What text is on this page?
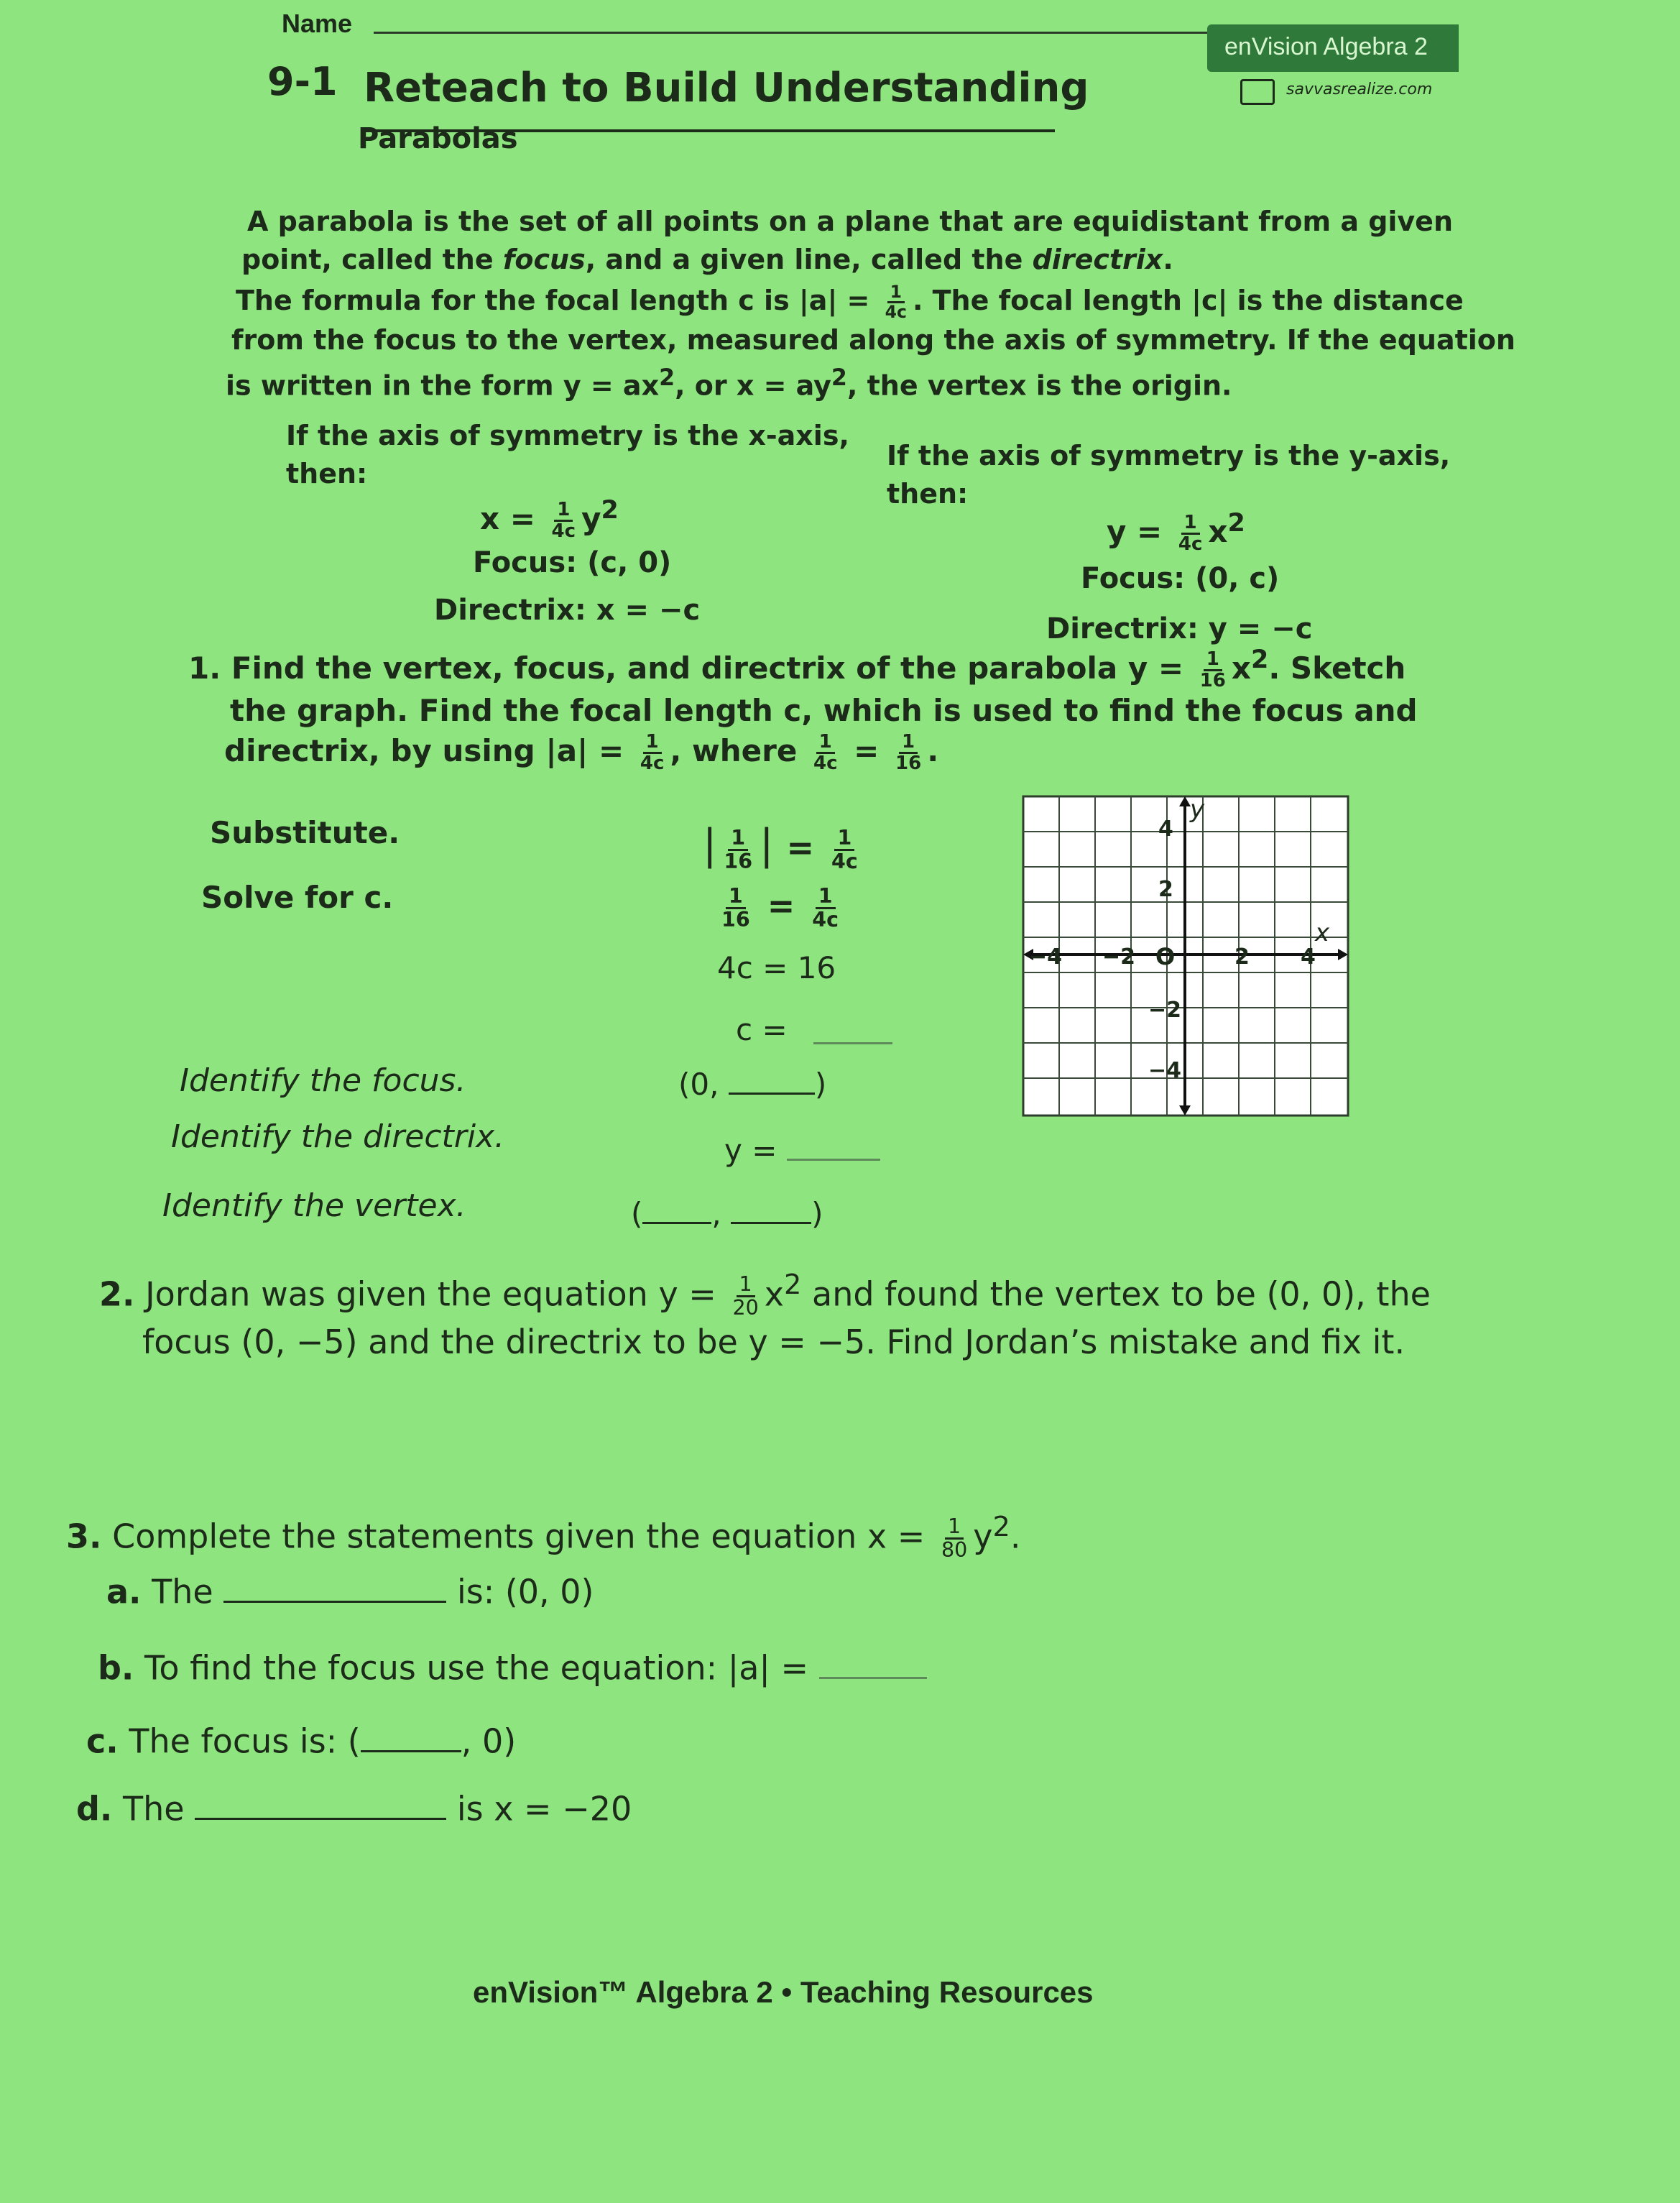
Name
enVision Algebra 2
savvasrealize.com
9-1 Reteach to Build Understanding
Parabolas
A parabola is the set of all points on a plane that are equidistant from a given
point, called the focus, and a given line, called the directrix.
The formula for the focal length c is $|a| = \frac{1}{4c}$ . The focal length |c| is the distance
from the focus to the vertex, measured along the axis of symmetry. If the equation
is written in the form $y = ax^2$, or $x = ay^2$, the vertex is the origin.
If the axis of symmetry is the x-axis,
then:
$x = \frac{1}{4c} y^2$
Focus: (c, 0)
Directrix: x = −c
If the axis of symmetry is the y-axis,
then:
$y = \frac{1}{4c} x^2$
Focus: (0, c)
Directrix: y = −c
1. Find the vertex, focus, and directrix of the parabola $y = \frac{1}{16} x^2$. Sketch
the graph. Find the focal length c, which is used to find the focus and
directrix, by using $|a| = \frac{1}{4c}$ , where $\frac{1}{4c} = \frac{1}{16}$ .
Substitute.	| $\frac{1}{16}$ | = $\frac{1}{4c}$
Solve for c.	$\frac{1}{16} = \frac{1}{4c}$
4c = 16
c =
Identify the focus.	(0,	)
Identify the directrix.	y =
Identify the vertex.	( ,	)
y
x
−4 −2 O	2 4
4
2
−2
−4
2. Jordan was given the equation $y = \frac{1}{20} x^2$ and found the vertex to be (0, 0), the
focus (0, −5) and the directrix to be y = −5. Find Jordan’s mistake and fix it.
3. Complete the statements given the equation $x = \frac{1}{80} y^2$.
a. The	is: (0, 0)
b. To find the focus use the equation: |a| =
c. The focus is: (	, 0)
d. The	is x = −20
enVision™ Algebra 2 • Teaching Resources
